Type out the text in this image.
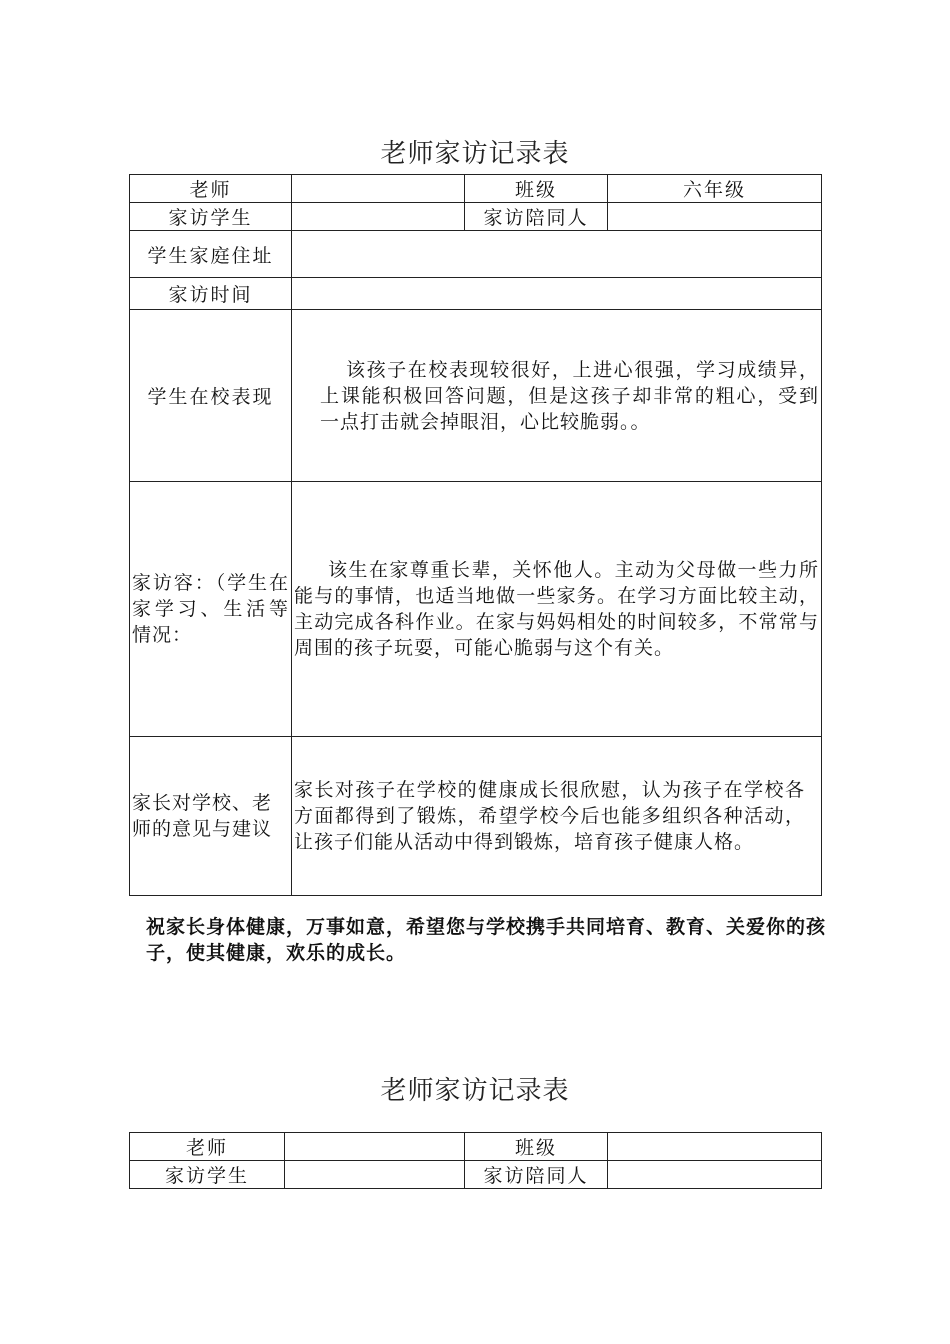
老师家访记录表
老师		班级	六年级
家访学生		家访陪同人	
学生家庭住址			
家访时间			
学生在校表现	该孩子在校表现较很好，上进心很强，学习成绩异，上课能积极回答问题，但是这孩子却非常的粗心，受到一点打击就会掉眼泪，心比较脆弱。。		

家访容：（学生在家学习、生活等情况：	该生在家尊重长辈，关怀他人。主动为父母做一些力所能与的事情，也适当地做一些家务。在学习方面比较主动，主动完成各科作业。在家与妈妈相处的时间较多，不常常与周围的孩子玩耍，可能心脆弱与这个有关。		

家长对学校、老师的意见与建议	家长对孩子在学校的健康成长很欣慰，认为孩子在学校各方面都得到了锻炼，希望学校今后也能多组织各种活动，让孩子们能从活动中得到锻炼，培育孩子健康人格。		
祝家长身体健康，万事如意，希望您与学校携手共同培育、教育、关爱你的孩子，使其健康，欢乐的成长。
老师家访记录表
老师		班级	
家访学生		家访陪同人	
